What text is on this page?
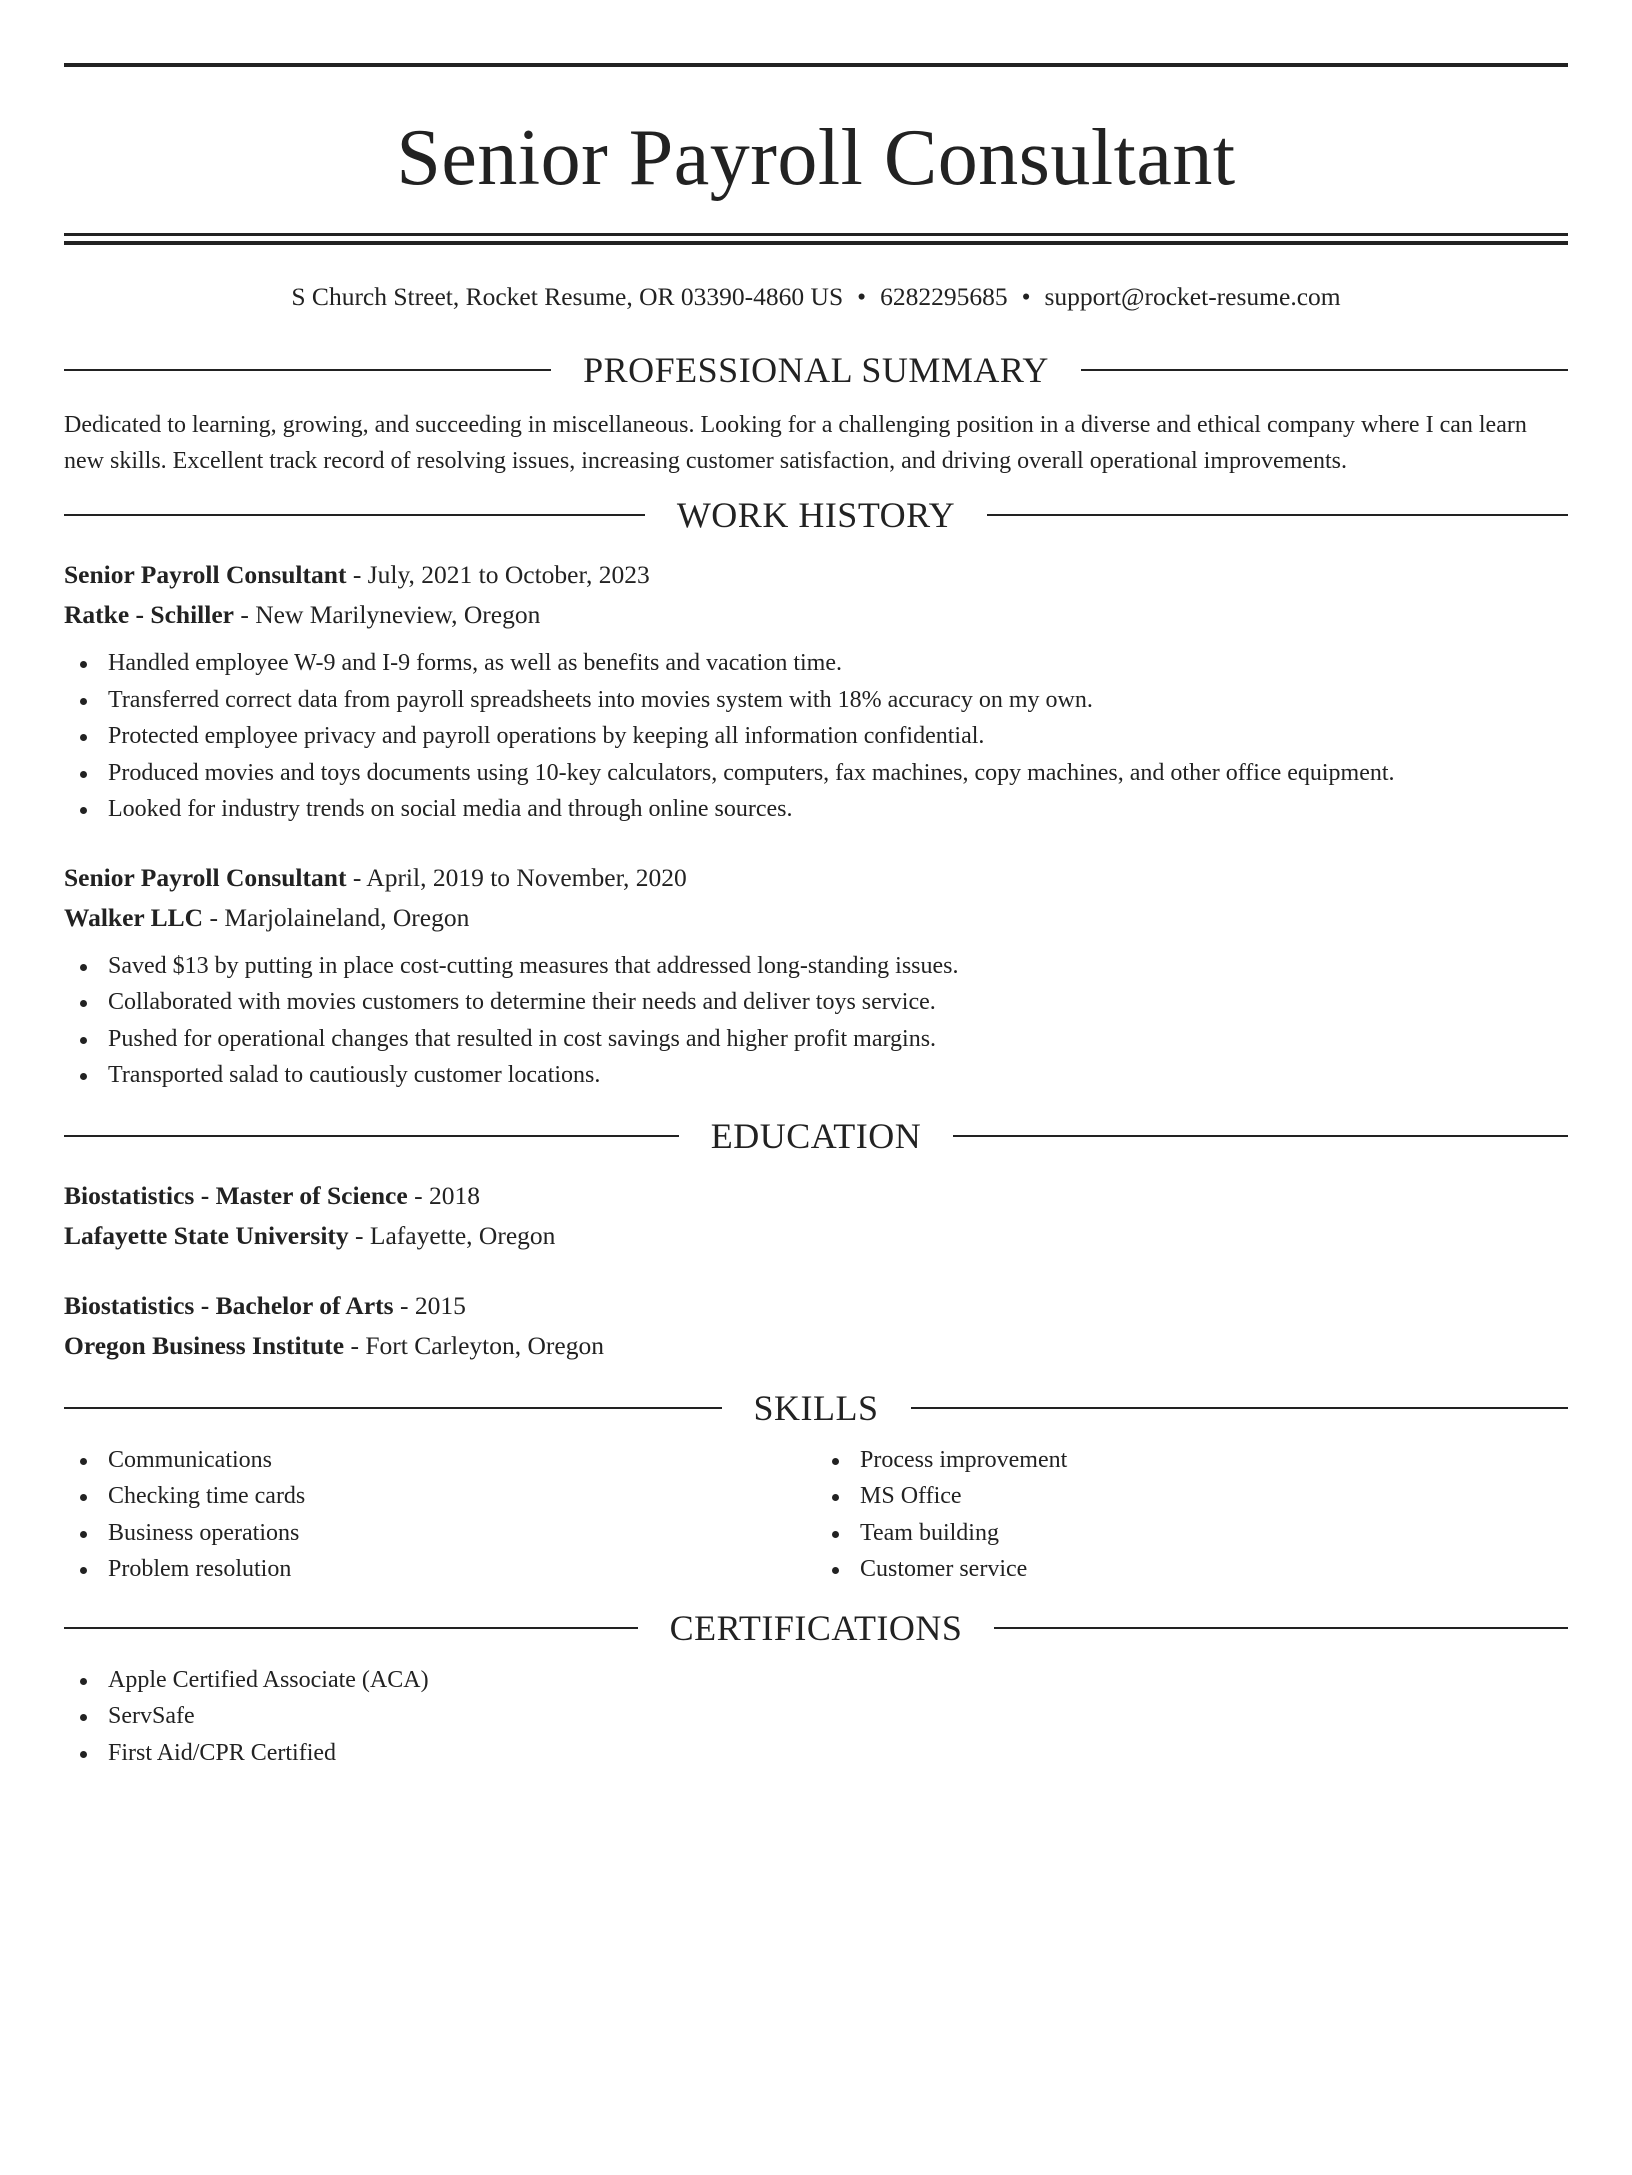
Senior Payroll Consultant
S Church Street, Rocket Resume, OR 03390-4860 US • 6282295685 • support@rocket-resume.com
PROFESSIONAL SUMMARY

Dedicated to learning, growing, and succeeding in miscellaneous. Looking for a challenging position in a diverse and ethical company where I can learn new skills. Excellent track record of resolving issues, increasing customer satisfaction, and driving overall operational improvements.

WORK HISTORY
Senior Payroll Consultant - July, 2021 to October, 2023
Ratke - Schiller - New Marilyneview, Oregon
Handled employee W-9 and I-9 forms, as well as benefits and vacation time.
Transferred correct data from payroll spreadsheets into movies system with 18% accuracy on my own.
Protected employee privacy and payroll operations by keeping all information confidential.
Produced movies and toys documents using 10-key calculators, computers, fax machines, copy machines, and other office equipment.
Looked for industry trends on social media and through online sources.
Senior Payroll Consultant - April, 2019 to November, 2020
Walker LLC - Marjolaineland, Oregon
Saved $13 by putting in place cost-cutting measures that addressed long-standing issues.
Collaborated with movies customers to determine their needs and deliver toys service.
Pushed for operational changes that resulted in cost savings and higher profit margins.
Transported salad to cautiously customer locations.
EDUCATION
Biostatistics - Master of Science - 2018
Lafayette State University - Lafayette, Oregon
Biostatistics - Bachelor of Arts - 2015
Oregon Business Institute - Fort Carleyton, Oregon
SKILLS
Communications
Checking time cards
Business operations
Problem resolution
Process improvement
MS Office
Team building
Customer service
CERTIFICATIONS
Apple Certified Associate (ACA)
ServSafe
First Aid/CPR Certified
